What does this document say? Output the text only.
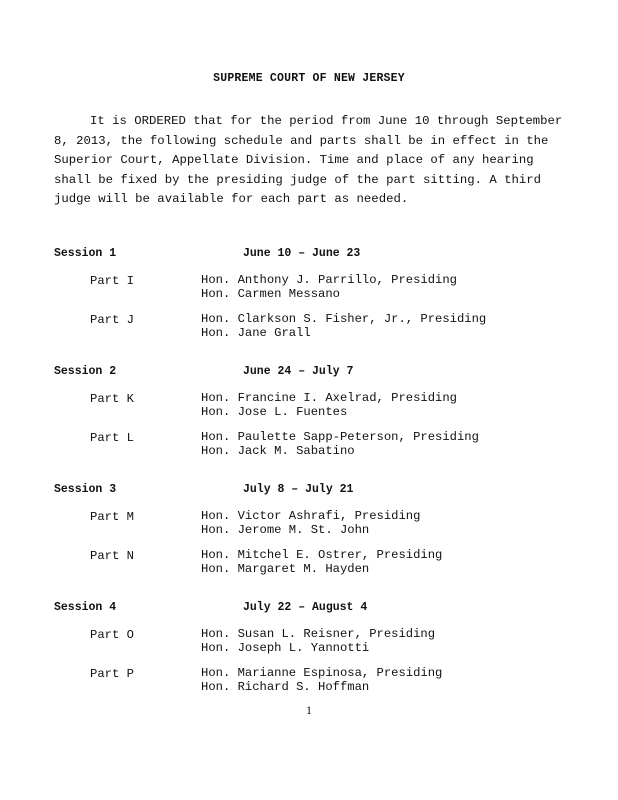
SUPREME COURT OF NEW JERSEY
It is ORDERED that for the period from June 10 through September 8, 2013, the following schedule and parts shall be in effect in the Superior Court, Appellate Division. Time and place of any hearing shall be fixed by the presiding judge of the part sitting. A third judge will be available for each part as needed.
Session 1	June 10 – June 23
Part I	Hon. Anthony J. Parrillo, Presiding
Hon. Carmen Messano
Part J	Hon. Clarkson S. Fisher, Jr., Presiding
Hon. Jane Grall
Session 2	June 24 – July 7
Part K	Hon. Francine I. Axelrad, Presiding
Hon. Jose L. Fuentes
Part L	Hon. Paulette Sapp-Peterson, Presiding
Hon. Jack M. Sabatino
Session 3	July 8 – July 21
Part M	Hon. Victor Ashrafi, Presiding
Hon. Jerome M. St. John
Part N	Hon. Mitchel E. Ostrer, Presiding
Hon. Margaret M. Hayden
Session 4	July 22 – August 4
Part O	Hon. Susan L. Reisner, Presiding
Hon. Joseph L. Yannotti
Part P	Hon. Marianne Espinosa, Presiding
Hon. Richard S. Hoffman
1
